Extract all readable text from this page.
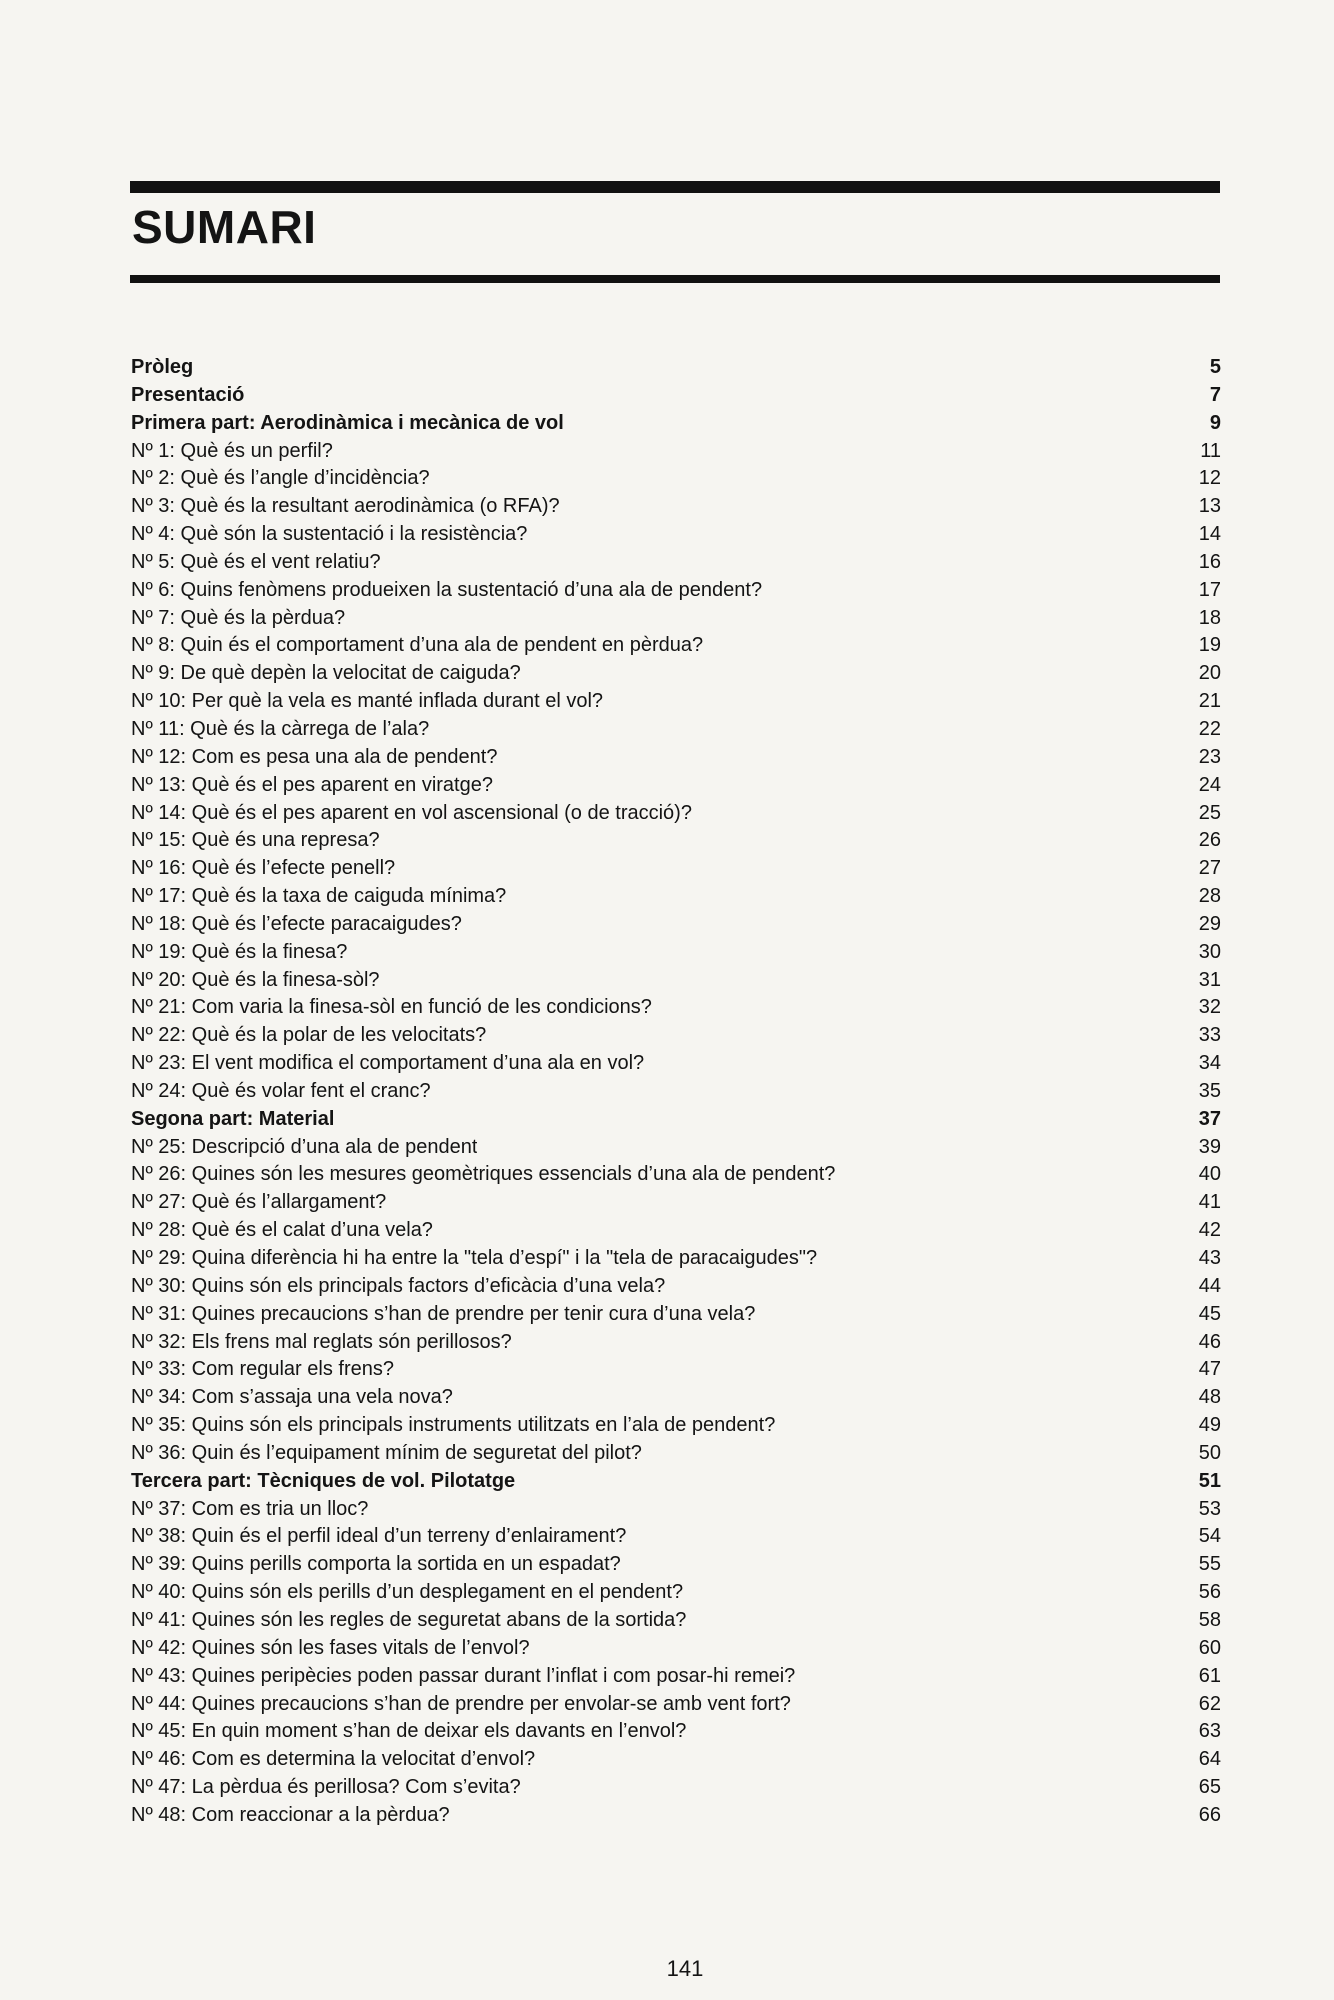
SUMARI
Pròleg	5
Presentació	7
Primera part: Aerodinàmica i mecànica de vol	9
Nº 1: Què és un perfil?	11
Nº 2: Què és l’angle d’incidència?	12
Nº 3: Què és la resultant aerodinàmica (o RFA)?	13
Nº 4: Què són la sustentació i la resistència?	14
Nº 5: Què és el vent relatiu?	16
Nº 6: Quins fenòmens produeixen la sustentació d’una ala de pendent?	17
Nº 7: Què és la pèrdua?	18
Nº 8: Quin és el comportament d’una ala de pendent en pèrdua?	19
Nº 9: De què depèn la velocitat de caiguda?	20
Nº 10: Per què la vela es manté inflada durant el vol?	21
Nº 11: Què és la càrrega de l’ala?	22
Nº 12: Com es pesa una ala de pendent?	23
Nº 13: Què és el pes aparent en viratge?	24
Nº 14: Què és el pes aparent en vol ascensional (o de tracció)?	25
Nº 15: Què és una represa?	26
Nº 16: Què és l’efecte penell?	27
Nº 17: Què és la taxa de caiguda mínima?	28
Nº 18: Què és l’efecte paracaigudes?	29
Nº 19: Què és la finesa?	30
Nº 20: Què és la finesa-sòl?	31
Nº 21: Com varia la finesa-sòl en funció de les condicions?	32
Nº 22: Què és la polar de les velocitats?	33
Nº 23: El vent modifica el comportament d’una ala en vol?	34
Nº 24: Què és volar fent el cranc?	35
Segona part: Material	37
Nº 25: Descripció d’una ala de pendent	39
Nº 26: Quines són les mesures geomètriques essencials d’una ala de pendent?	40
Nº 27: Què és l’allargament?	41
Nº 28: Què és el calat d’una vela?	42
Nº 29: Quina diferència hi ha entre la "tela d’espí" i la "tela de paracaigudes"?	43
Nº 30: Quins són els principals factors d’eficàcia d’una vela?	44
Nº 31: Quines precaucions s’han de prendre per tenir cura d’una vela?	45
Nº 32: Els frens mal reglats són perillosos?	46
Nº 33: Com regular els frens?	47
Nº 34: Com s’assaja una vela nova?	48
Nº 35: Quins són els principals instruments utilitzats en l’ala de pendent?	49
Nº 36: Quin és l’equipament mínim de seguretat del pilot?	50
Tercera part: Tècniques de vol. Pilotatge	51
Nº 37: Com es tria un lloc?	53
Nº 38: Quin és el perfil ideal d’un terreny d’enlairament?	54
Nº 39: Quins perills comporta la sortida en un espadat?	55
Nº 40: Quins són els perills d’un desplegament en el pendent?	56
Nº 41: Quines són les regles de seguretat abans de la sortida?	58
Nº 42: Quines són les fases vitals de l’envol?	60
Nº 43: Quines peripècies poden passar durant l’inflat i com posar-hi remei?	61
Nº 44: Quines precaucions s’han de prendre per envolar-se amb vent fort?	62
Nº 45: En quin moment s’han de deixar els davants en l’envol?	63
Nº 46: Com es determina la velocitat d’envol?	64
Nº 47: La pèrdua és perillosa? Com s’evita?	65
Nº 48: Com reaccionar a la pèrdua?	66
141
